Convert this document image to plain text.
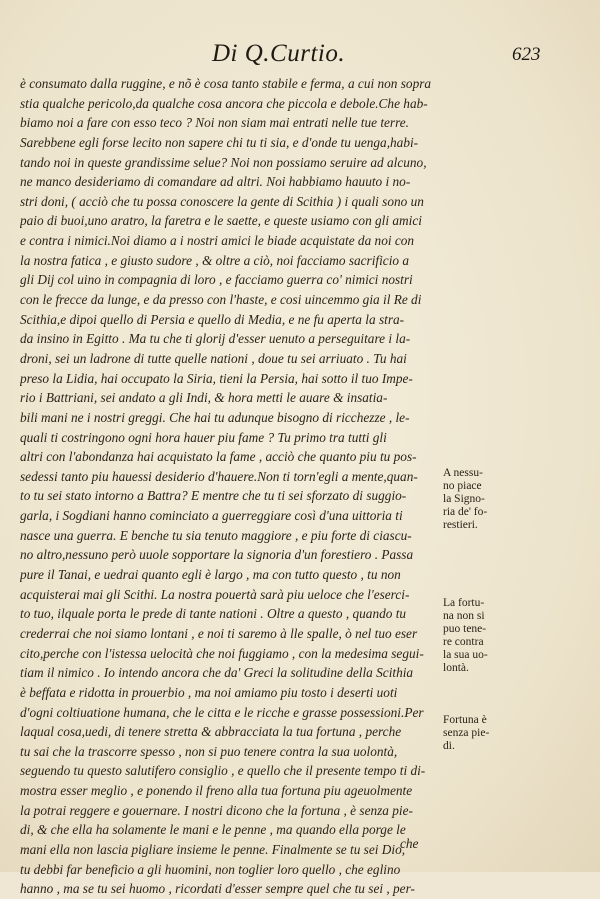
Di Q.Curtio.	623
è consumato dalla ruggine, e nõ è cosa tanto stabile e ferma, a cui non sopra
stia qualche pericolo,da qualche cosa ancora che piccola e debole.Che hab-
biamo noi a fare con esso teco ? Noi non siam mai entrati nelle tue terre.
Sarebbene egli forse lecito non sapere chi tu ti sia, e d'onde tu uenga,habi-
tando noi in queste grandissime selue? Noi non possiamo seruire ad alcuno,
ne manco desideriamo di comandare ad altri. Noi habbiamo hauuto i no-
stri doni, ( acciò che tu possa conoscere la gente di Scithia ) i quali sono un
paio di buoi,uno aratro, la faretra e le saette, e queste usiamo con gli amici
e contra i nimici.Noi diamo a i nostri amici le biade acquistate da noi con
la nostra fatica , e giusto sudore , & oltre a ciò, noi facciamo sacrificio a
gli Dij col uino in compagnia di loro , e facciamo guerra co' nimici nostri
con le frecce da lunge, e da presso con l'haste, e cosi uincemmo gia il Re di
Scithia,e dipoi quello di Persia e quello di Media, e ne fu aperta la stra-
da insino in Egitto . Ma tu che ti glorij d'esser uenuto a perseguitare i la-
droni, sei un ladrone di tutte quelle nationi , doue tu sei arriuato . Tu hai
preso la Lidia, hai occupato la Siria, tieni la Persia, hai sotto il tuo Impe-
rio i Battriani, sei andato a gli Indi, & hora metti le auare & insatia-
bili mani ne i nostri greggi. Che hai tu adunque bisogno di ricchezze , le-
quali ti costringono ogni hora hauer piu fame ? Tu primo tra tutti gli
altri con l'abondanza hai acquistato la fame , acciò che quanto piu tu pos-
sedessi tanto piu hauessi desiderio d'hauere.Non ti torn'egli a mente,quan-
to tu sei stato intorno a Battra? E mentre che tu ti sei sforzato di suggio-
garla, i Sogdiani hanno cominciato a guerreggiare così d'una uittoria ti
nasce una guerra. E benche tu sia tenuto maggiore , e piu forte di ciascu-
no altro,nessuno però uuole sopportare la signoria d'un forestiero . Passa
pure il Tanai, e uedrai quanto egli è largo , ma con tutto questo , tu non
acquisterai mai gli Scithi. La nostra pouertà sarà piu ueloce che l'eserci-
to tuo, ilquale porta le prede di tante nationi . Oltre a questo , quando tu
crederrai che noi siamo lontani , e noi ti saremo à lle spalle, ò nel tuo eser
cito,perche con l'istessa uelocità che noi fuggiamo , con la medesima segui-
tiam il nimico . Io intendo ancora che da' Greci la solitudine della Scithia
è beffata e ridotta in prouerbio , ma noi amiamo piu tosto i deserti uoti
d'ogni coltiuatione humana, che le citta e le ricche e grasse possessioni.Per
laqual cosa,uedi, di tenere stretta & abbracciata la tua fortuna , perche
tu sai che la trascorre spesso , non si puo tenere contra la sua uolontà,
seguendo tu questo salutifero consiglio , e quello che il presente tempo ti di-
mostra esser meglio , e ponendo il freno alla tua fortuna piu ageuolmente
la potrai reggere e gouernare. I nostri dicono che la fortuna , è senza pie-
di, & che ella ha solamente le mani e le penne , ma quando ella porge le
mani ella non lascia pigliare insieme le penne. Finalmente se tu sei Dio,
tu debbi far beneficio a gli huomini, non toglier loro quello , che eglino
hanno , ma se tu sei huomo , ricordati d'esser sempre quel che tu sei , per-
che
A nessu-
no piace
la Signo-
ria de' fo-
restieri.
La fortu-
na non si
puo tene-
re contra
la sua uo-
lontà.
Fortuna è
senza pie-
di.
